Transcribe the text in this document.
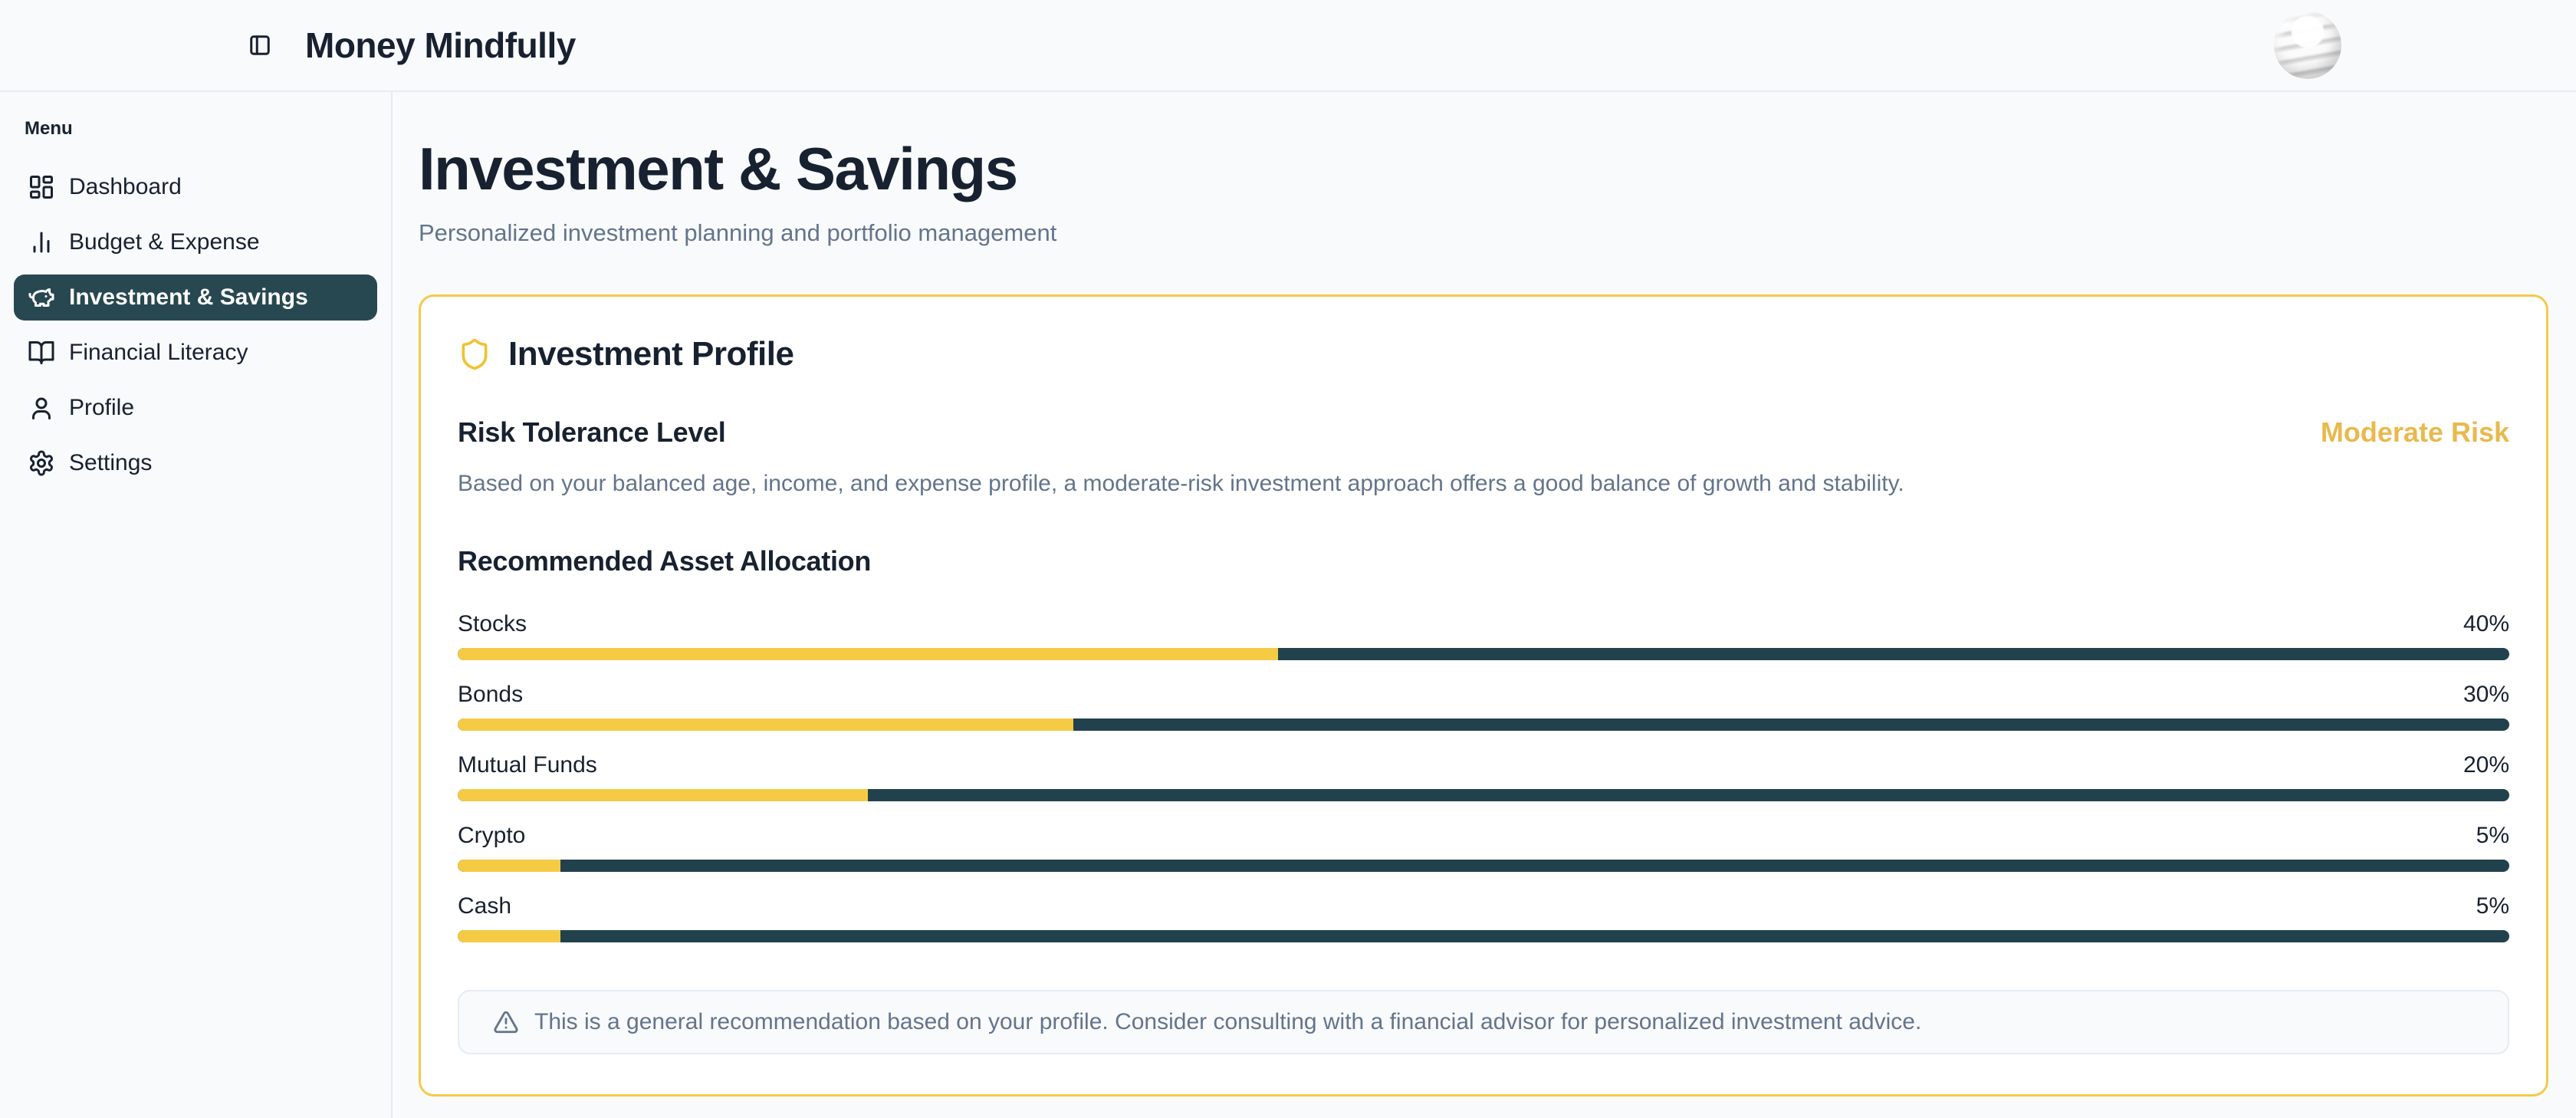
Money Mindfully
Menu
Dashboard
Budget & Expense
Investment & Savings
Financial Literacy
Profile
Settings
Investment & Savings
Personalized investment planning and portfolio management
Investment Profile
Risk Tolerance Level	Moderate Risk

Based on your balanced age, income, and expense profile, a moderate-risk investment approach offers a good balance of growth and stability.

Recommended Asset Allocation
Stocks	40%
Bonds	30%
Mutual Funds	20%
Crypto	5%
Cash	5%
This is a general recommendation based on your profile. Consider consulting with a financial advisor for personalized investment advice.
